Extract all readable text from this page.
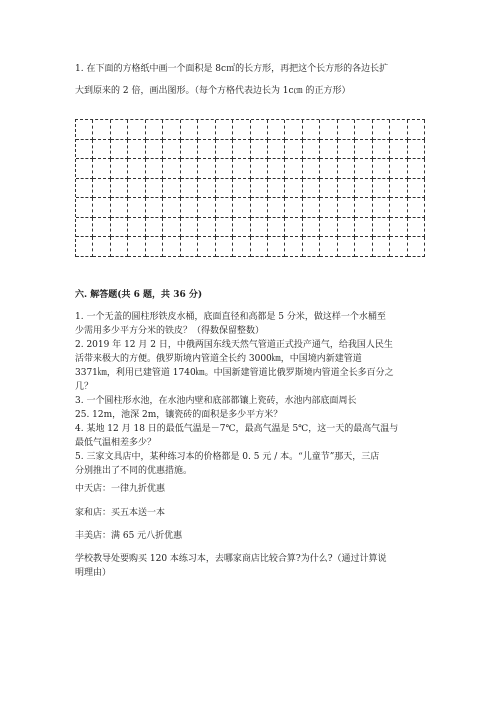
1. 在下面的方格纸中画一个面积是 8c㎡的长方形，再把这个长方形的各边长扩
大到原来的 2 倍，画出图形。（每个方格代表边长为 1c㎝ 的正方形）
六. 解答题(共 6 题，共 36 分)
1. 一个无盖的圆柱形铁皮水桶，底面直径和高都是 5 分米，做这样一个水桶至
少需用多少平方分米的铁皮？（得数保留整数）
2. 2019 年 12 月 2 日，中俄两国东线天然气管道正式投产通气，给我国人民生
活带来极大的方便。俄罗斯境内管道全长约 3000㎞，中国境内新建管道
3371㎞，利用已建管道 1740㎞。中国新建管道比俄罗斯境内管道全长多百分之
几？
3. 一个圆柱形水池，在水池内壁和底部都镶上瓷砖，水池内部底面周长
25. 12m，池深 2m，镶瓷砖的面积是多少平方米？
4. 某地 12 月 18 日的最低气温是－7℃，最高气温是 5℃，这一天的最高气温与
最低气温相差多少？
5. 三家文具店中，某种练习本的价格都是 0. 5 元 / 本。“儿童节”那天，三店
分别推出了不同的优惠措施。
中天店：一律九折优惠
家和店：买五本送一本
丰美店：满 65 元八折优惠
学校教导处要购买 120 本练习本，去哪家商店比较合算?为什么?（通过计算说
明理由）
